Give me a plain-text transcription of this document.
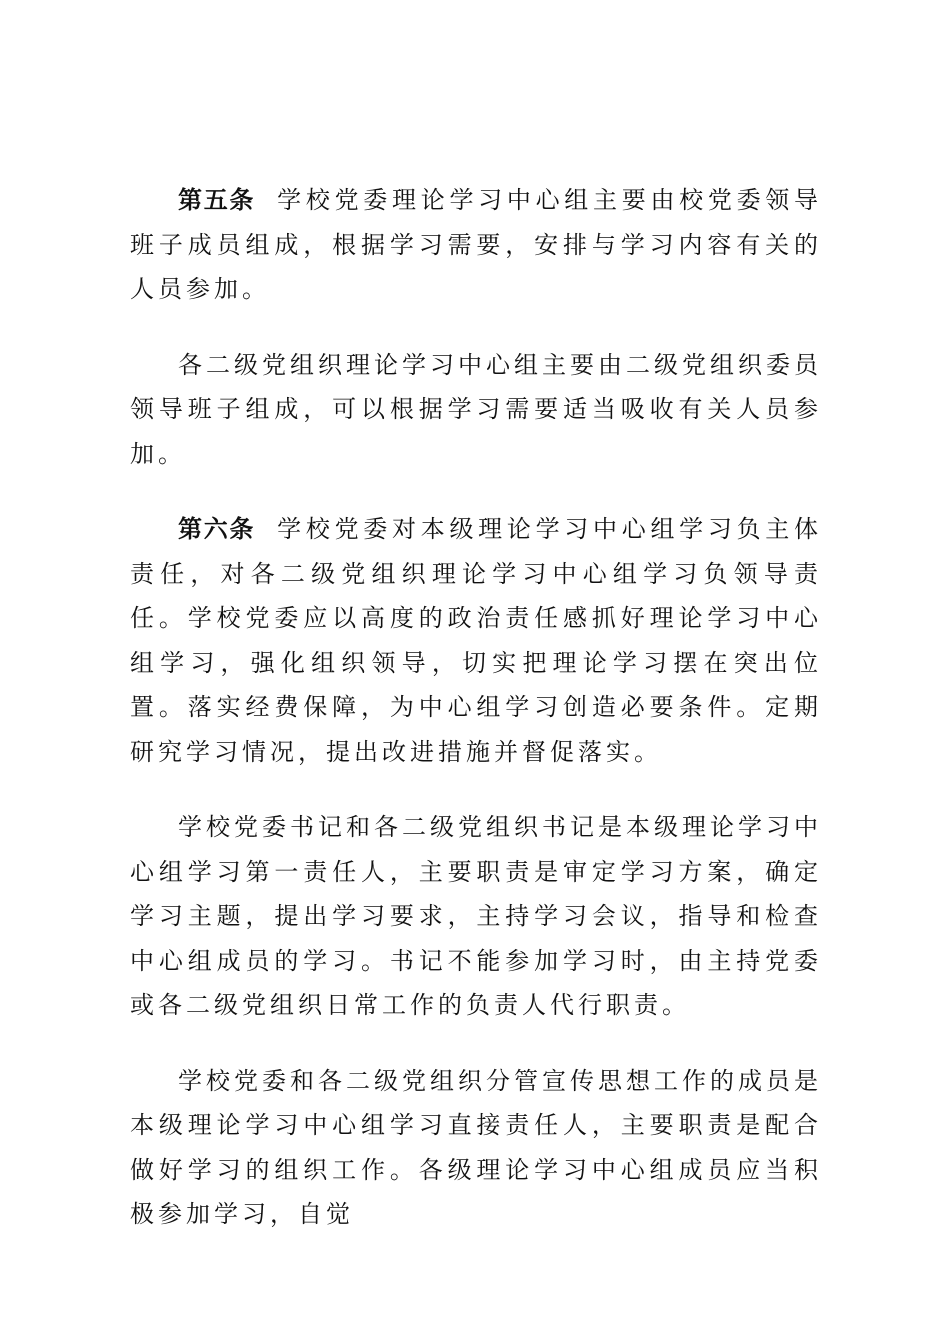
第五条 学校党委理论学习中心组主要由校党委领导班子成员组成，根据学习需要，安排与学习内容有关的人员参加。

各二级党组织理论学习中心组主要由二级党组织委员领导班子组成，可以根据学习需要适当吸收有关人员参加。

第六条 学校党委对本级理论学习中心组学习负主体责任，对各二级党组织理论学习中心组学习负领导责任。学校党委应以高度的政治责任感抓好理论学习中心组学习，强化组织领导，切实把理论学习摆在突出位置。落实经费保障，为中心组学习创造必要条件。定期研究学习情况，提出改进措施并督促落实。

学校党委书记和各二级党组织书记是本级理论学习中心组学习第一责任人，主要职责是审定学习方案，确定学习主题，提出学习要求，主持学习会议，指导和检查中心组成员的学习。书记不能参加学习时，由主持党委或各二级党组织日常工作的负责人代行职责。

学校党委和各二级党组织分管宣传思想工作的成员是本级理论学习中心组学习直接责任人，主要职责是配合做好学习的组织工作。各级理论学习中心组成员应当积极参加学习，自觉
